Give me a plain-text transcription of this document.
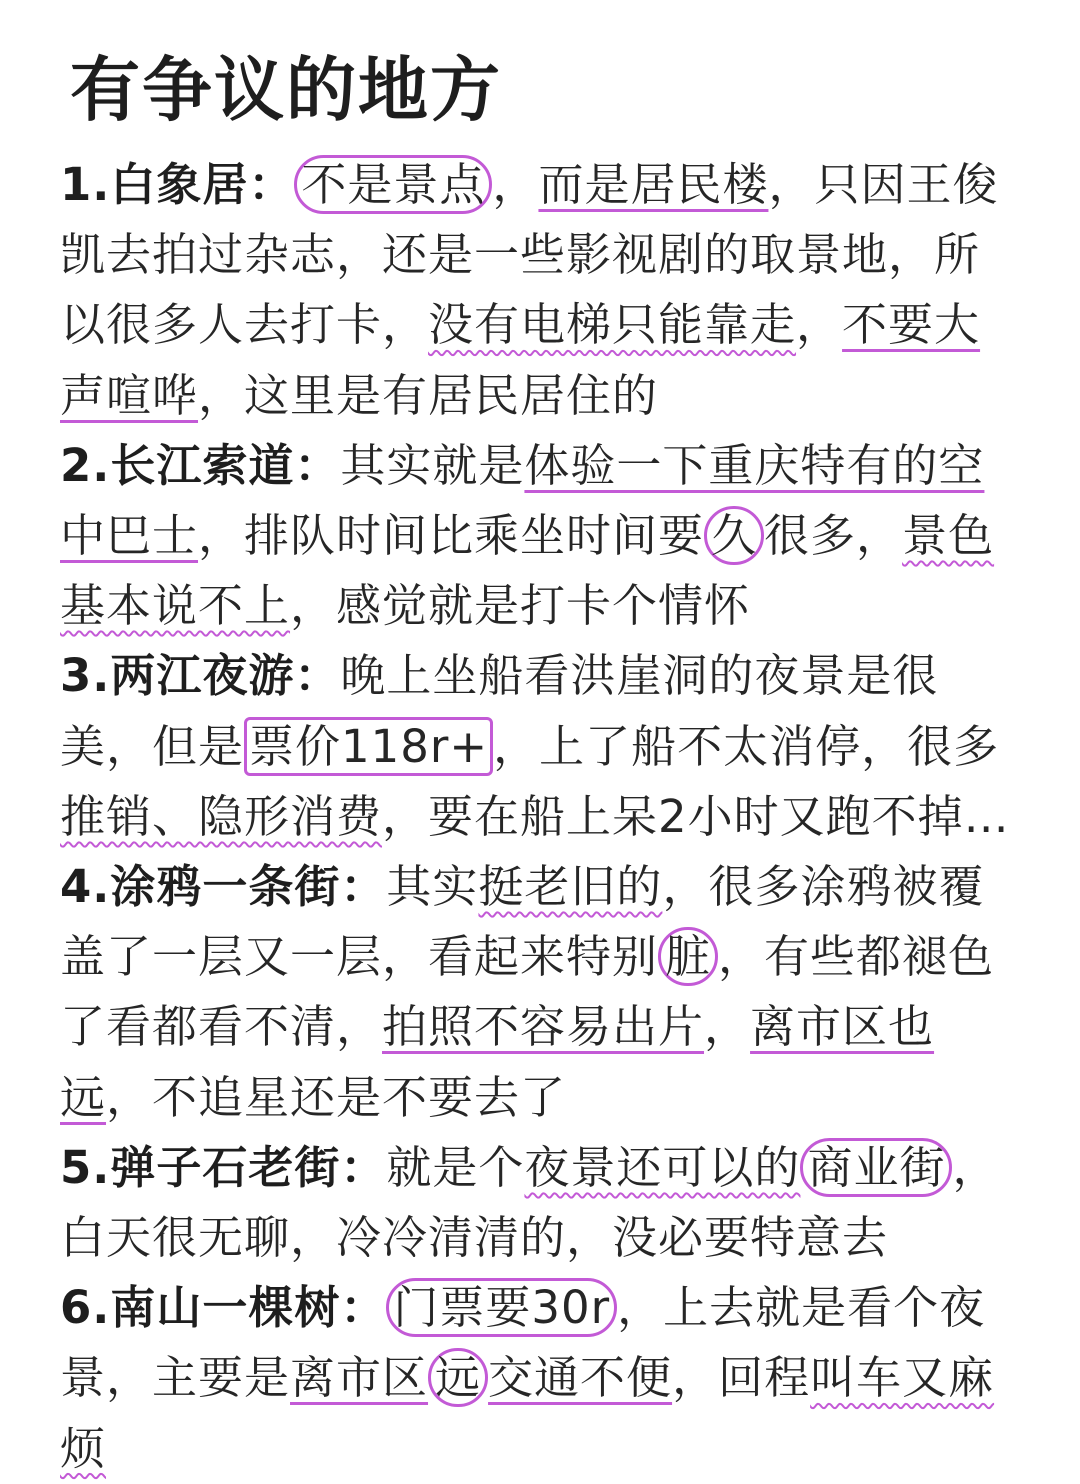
有争议的地方

1.白象居： 不是景点 ，而是居民楼，只因王俊凯去拍过杂志，还是一些影视剧的取景地，所以很多人去打卡，没有电梯只能靠走，不要大声喧哗，这里是有居民居住的

2.长江索道：其实就是体验一下重庆特有的空中巴士，排队时间比乘坐时间要 久 很多，景色基本说不上，感觉就是打卡个情怀

3.两江夜游：晚上坐船看洪崖洞的夜景是很美，但是 票价118r+ ，上了船不太消停，很多推销、隐形消费，要在船上呆2小时又跑不掉…

4.涂鸦一条街：其实挺老旧的，很多涂鸦被覆盖了一层又一层，看起来特别 脏 ，有些都褪色了看都看不清，拍照不容易出片，离市区也远，不追星还是不要去了

5.弹子石老街：就是个夜景还可以的 商业街 ，白天很无聊，冷冷清清的，没必要特意去

6.南山一棵树： 门票要30r ，上去就是看个夜景，主要是离市区 远 交通不便，回程叫车又麻烦
